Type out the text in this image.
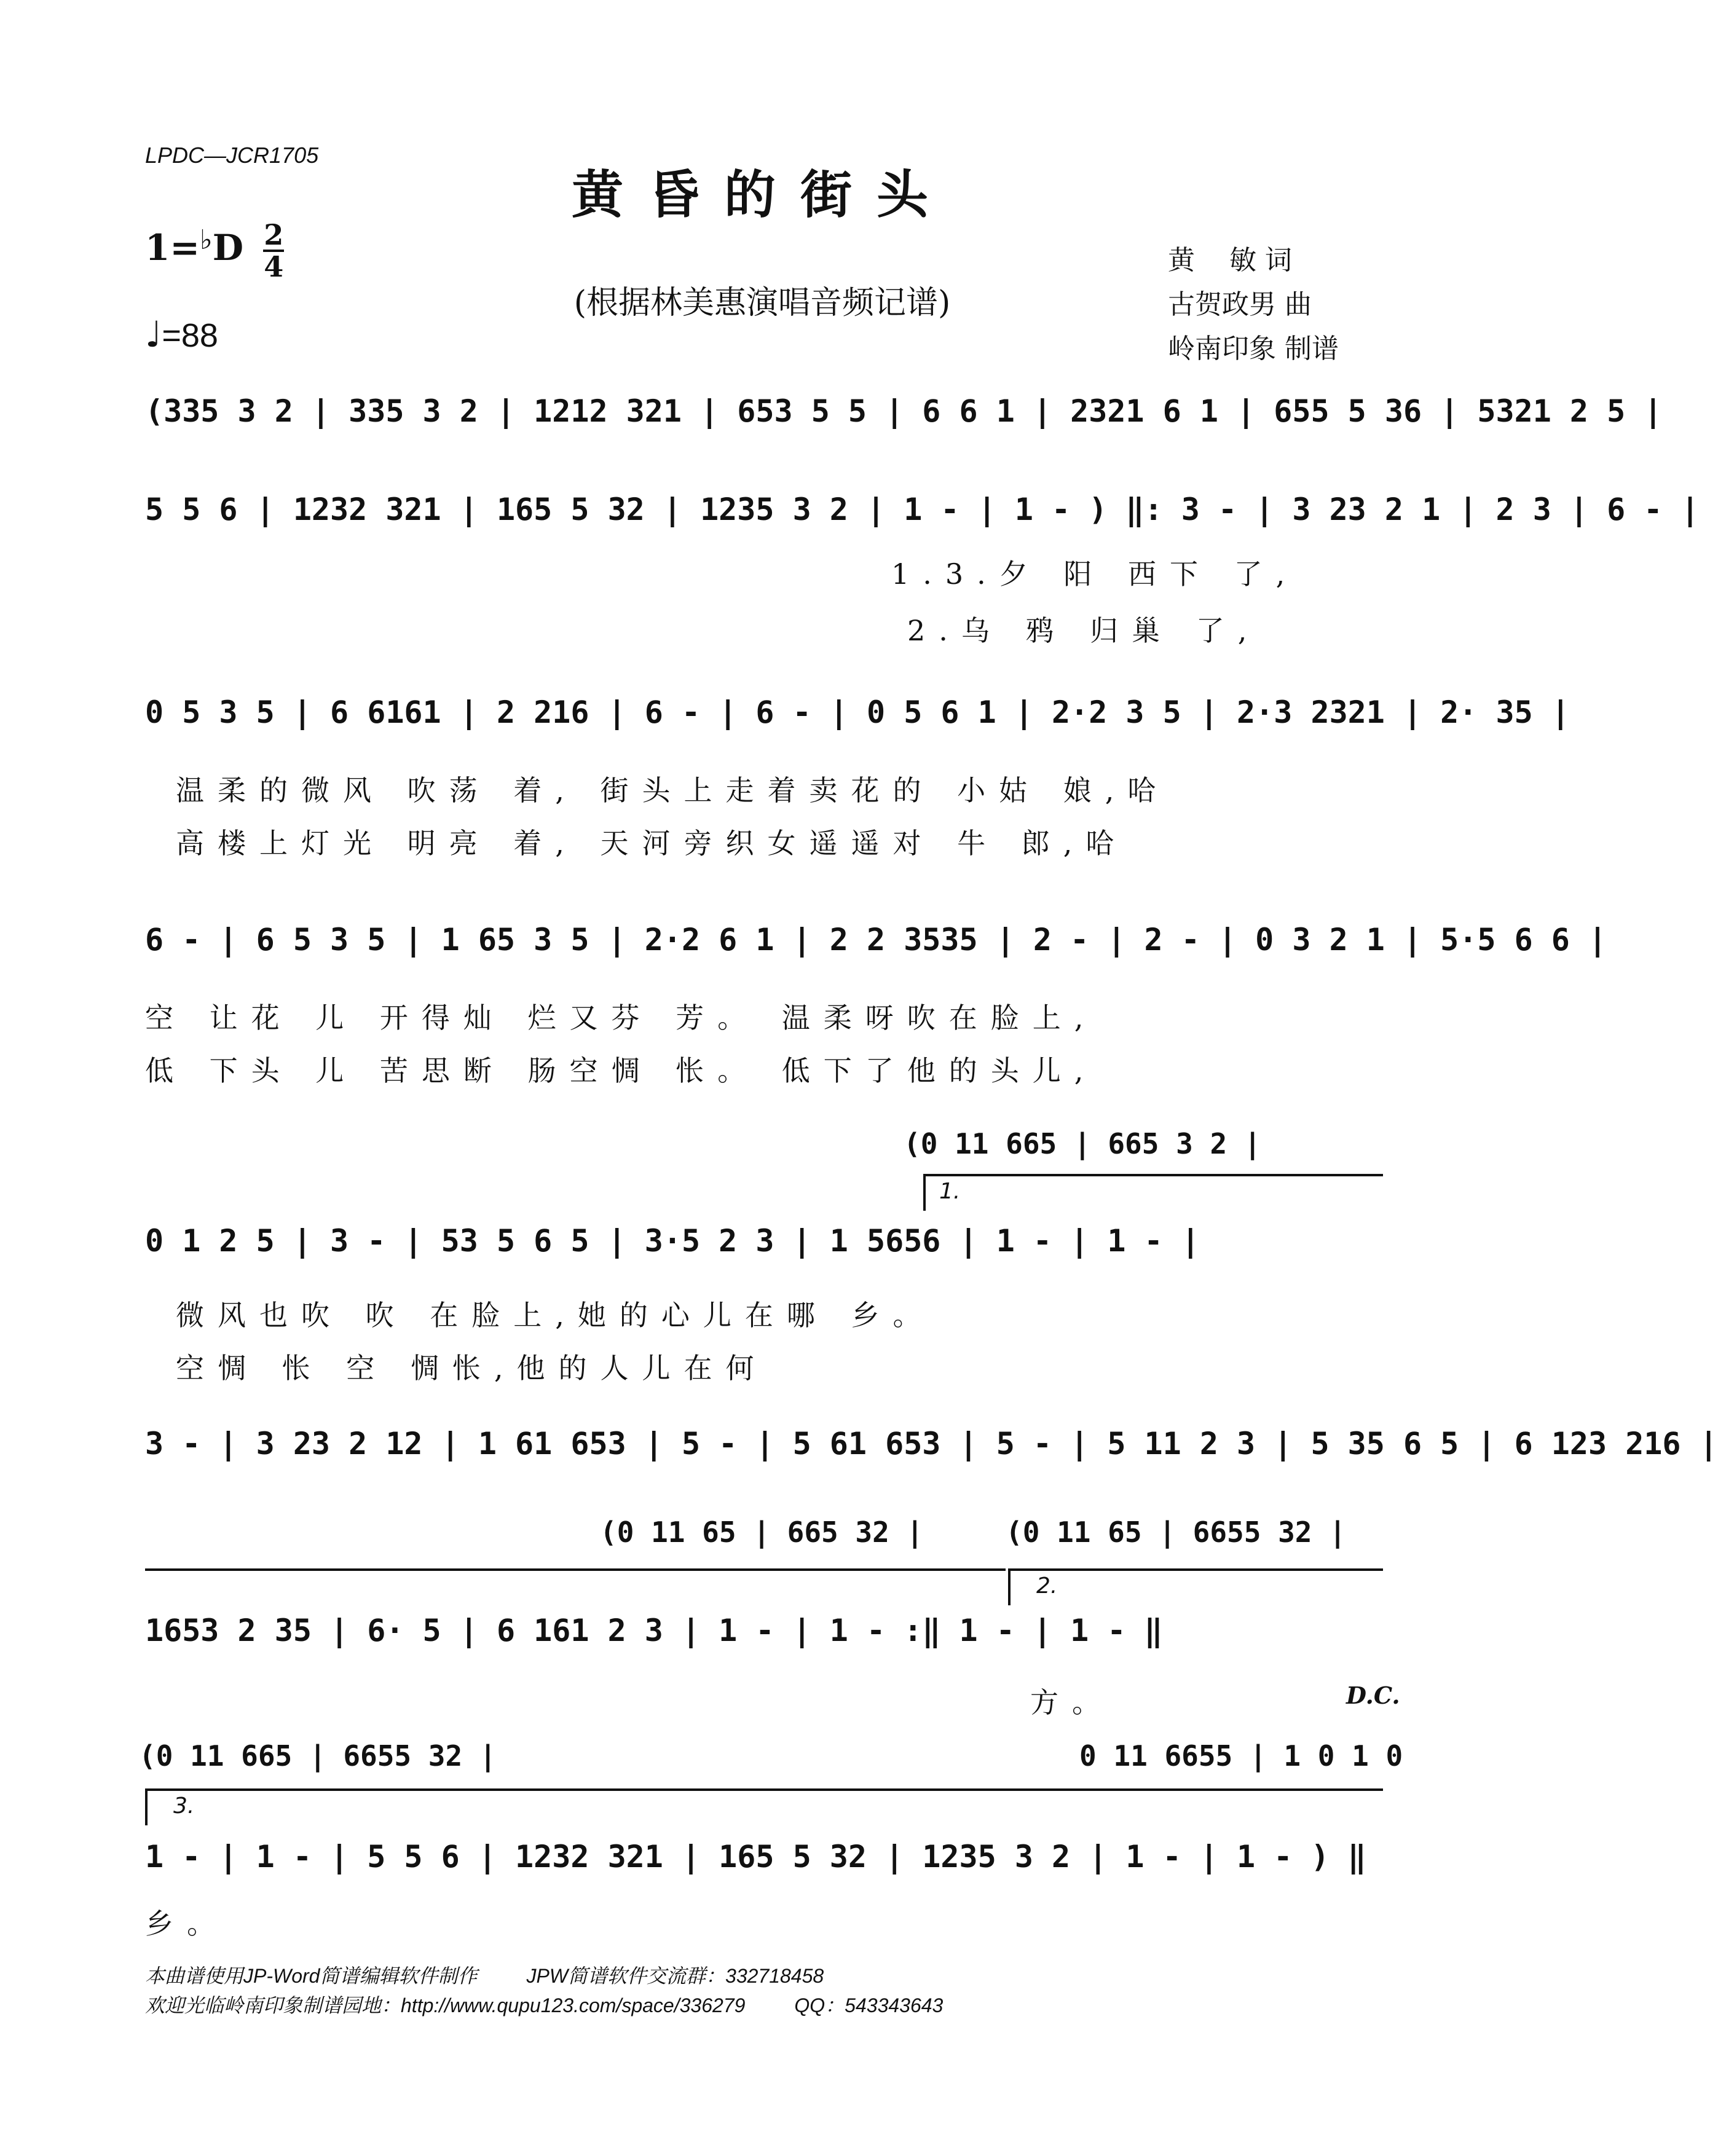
LPDC—JCR1705
黄昏的街头
(根据林美惠演唱音频记谱)
$1=^♭D \frac{2}{4}$
♩=88
黄    敏 词
古贺政男 曲
岭南印象 制谱
(335 3 2 | 335 3 2 | 1212 321 | 653 5 5 | 6 6 1 | 2321 6 1 | 655 5 36 | 5321 2 5 |
5 5 6 | 1232 321 | 165 5 32 | 1235 3 2 | 1 - | 1 - ) ‖: 3 - | 3 23 2 1 | 2 3 | 6 - |
1.3.夕 阳 西下 了,
2.乌 鸦 归巢 了,
0 5 3 5 | 6 6161 | 2 216 | 6 - | 6 - | 0 5 6 1 | 2·2 3 5 | 2·3 2321 | 2· 35 |
温柔的微风 吹荡 着, 街头上走着卖花的 小姑 娘,哈
高楼上灯光 明亮 着, 天河旁织女遥遥对 牛 郎,哈
6 - | 6 5 3 5 | 1 65 3 5 | 2·2 6 1 | 2 2 3535 | 2 - | 2 - | 0 3 2 1 | 5·5 6 6 |
空 让花 儿 开得灿 烂又芬 芳。 温柔呀吹在脸上,
低 下头 儿 苦思断 肠空惆 怅。 低下了他的头儿,
(0 11 665 | 665 3 2 |
1.
0 1 2 5 | 3 - | 53 5 6 5 | 3·5 2 3 | 1 5656 | 1 - | 1 - |
微风也吹 吹 在脸上,她的心儿在哪 乡。
空惆 怅 空 惆怅,他的人儿在何
3 - | 3 23 2 12 | 1 61 653 | 5 - | 5 61 653 | 5 - | 5 11 2 3 | 5 35 6 5 | 6 123 216 |
(0 11 65 | 665 32 |	(0 11 65 | 6655 32 |
2.
1653 2 35 | 6· 5 | 6 161 2 3 | 1 - | 1 - :‖ 1 - | 1 - ‖
方。	D.C.
(0 11 665 | 6655 32 |	0 11 6655 | 1 0 1 0
3.
1 - | 1 - | 5 5 6 | 1232 321 | 165 5 32 | 1235 3 2 | 1 - | 1 - ) ‖
乡。
本曲谱使用JP-Word简谱编辑软件制作         JPW简谱软件交流群：332718458
欢迎光临岭南印象制谱园地：http://www.qupu123.com/space/336279         QQ：543343643
